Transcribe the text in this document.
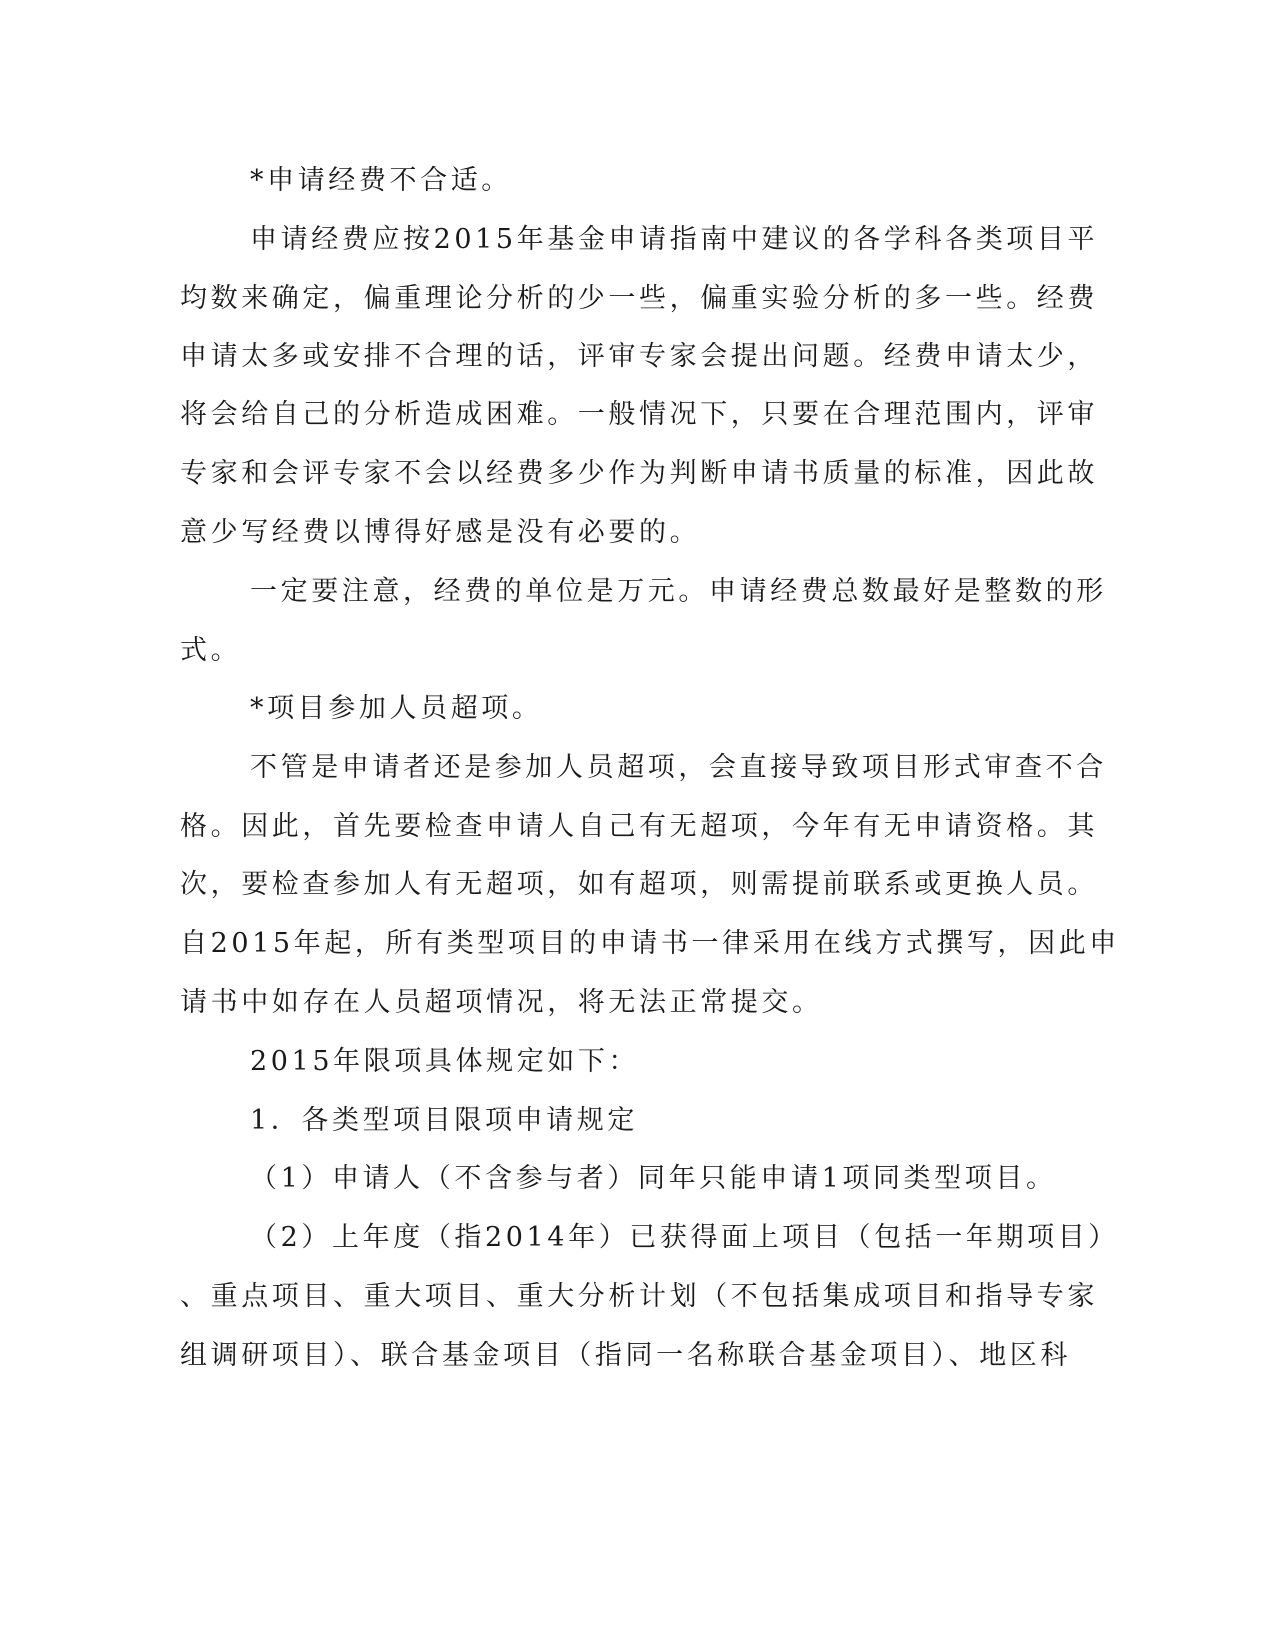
*申请经费不合适。
申请经费应按2015年基金申请指南中建议的各学科各类项目平
均数来确定，偏重理论分析的少一些，偏重实验分析的多一些。经费
申请太多或安排不合理的话，评审专家会提出问题。经费申请太少，
将会给自己的分析造成困难。一般情况下，只要在合理范围内，评审
专家和会评专家不会以经费多少作为判断申请书质量的标准，因此故
意少写经费以博得好感是没有必要的。
一定要注意，经费的单位是万元。申请经费总数最好是整数的形
式。
*项目参加人员超项。
不管是申请者还是参加人员超项，会直接导致项目形式审查不合
格。因此，首先要检查申请人自己有无超项，今年有无申请资格。其
次，要检查参加人有无超项，如有超项，则需提前联系或更换人员。
自2015年起，所有类型项目的申请书一律采用在线方式撰写，因此申
请书中如存在人员超项情况，将无法正常提交。
2015年限项具体规定如下：
1．各类型项目限项申请规定
（1）申请人（不含参与者）同年只能申请1项同类型项目。
（2）上年度（指2014年）已获得面上项目（包括一年期项目）
、重点项目、重大项目、重大分析计划（不包括集成项目和指导专家
组调研项目）、联合基金项目（指同一名称联合基金项目）、地区科
